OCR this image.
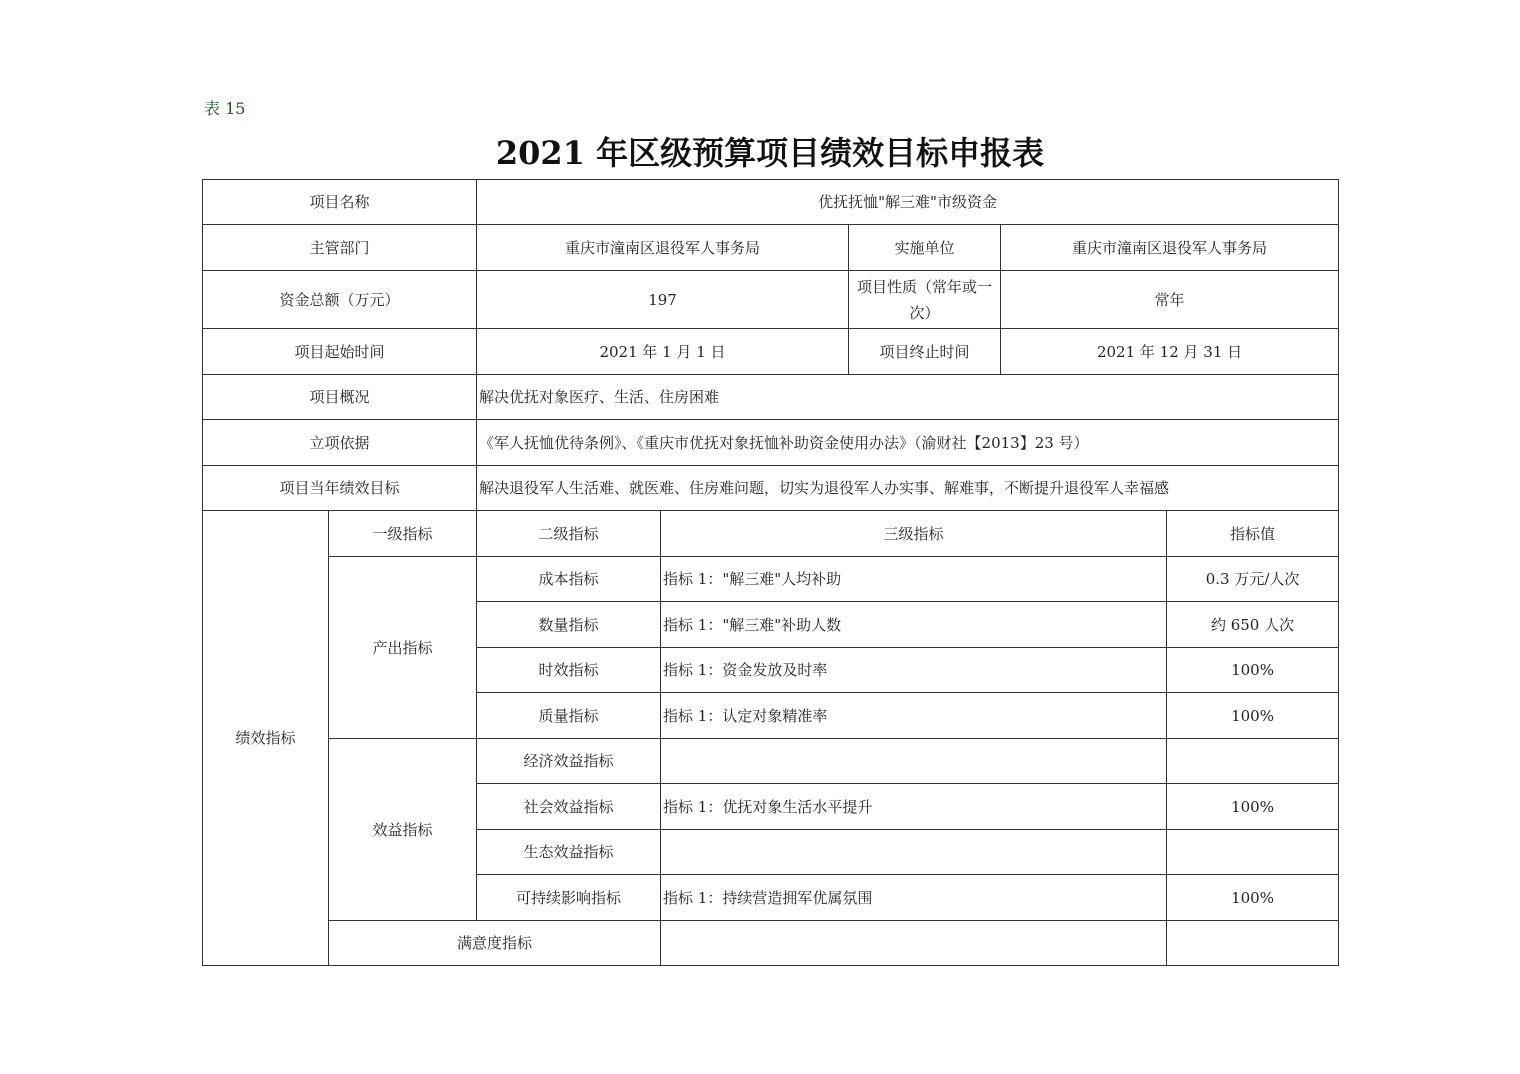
表 15
2021 年区级预算项目绩效目标申报表
项目名称		优抚抚恤"解三难"市级资金				
主管部门		重庆市潼南区退役军人事务局		实施单位	重庆市潼南区退役军人事务局	
资金总额（万元）		197		项目性质（常年或一次）	常年	
项目起始时间		2021 年 1 月 1 日		项目终止时间	2021 年 12 月 31 日	
项目概况		解决优抚对象医疗、生活、住房困难				
立项依据		《军人抚恤优待条例》、《重庆市优抚对象抚恤补助资金使用办法》（渝财社【2013】23 号）				
项目当年绩效目标		解决退役军人生活难、就医难、住房难问题，切实为退役军人办实事、解难事，不断提升退役军人幸福感				
绩效指标	一级指标	二级指标	三级指标			指标值
	产出指标	成本指标	指标 1："解三难"人均补助			0.3 万元/人次
		数量指标	指标 1："解三难"补助人数			约 650 人次
		时效指标	指标 1：资金发放及时率			100%
		质量指标	指标 1：认定对象精准率			100%
	效益指标	经济效益指标				
		社会效益指标	指标 1：优抚对象生活水平提升			100%
		生态效益指标				
		可持续影响指标	指标 1：持续营造拥军优属氛围			100%
	满意度指标					
